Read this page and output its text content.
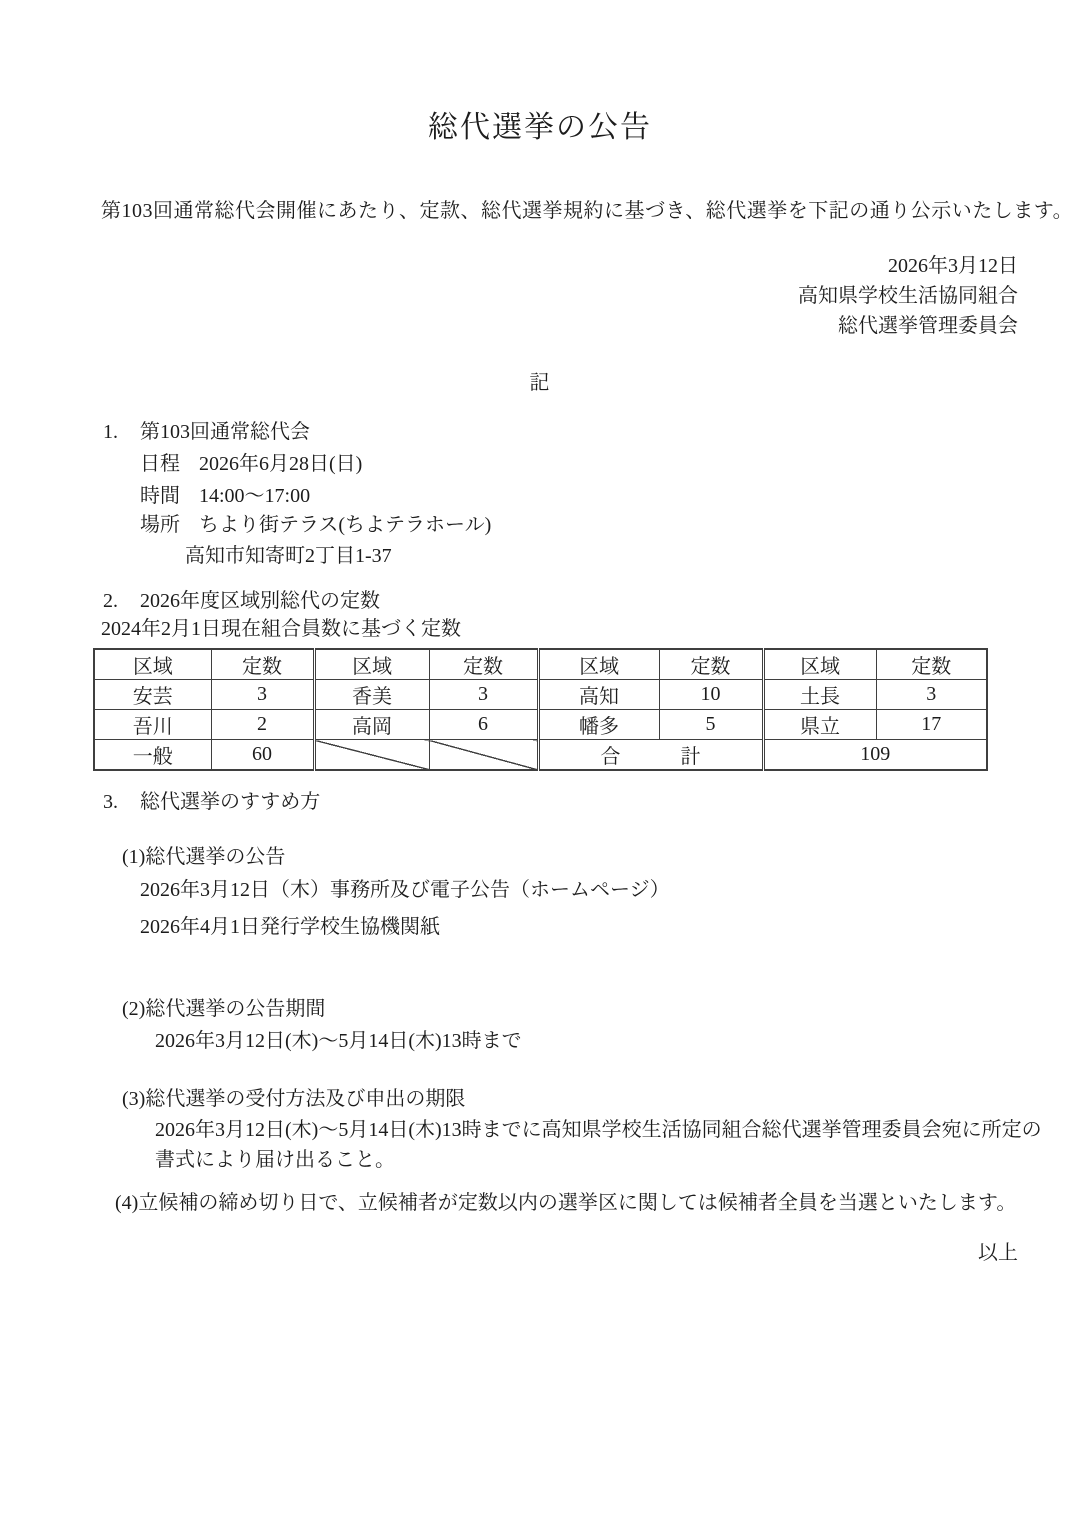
総代選挙の公告
第103回通常総代会開催にあたり、定款、総代選挙規約に基づき、総代選挙を下記の通り公示いたします。
2026年3月12日
高知県学校生活協同組合
総代選挙管理委員会
記
1.	第103回通常総代会
日程 2026年6月28日(日)
時間 14:00〜17:00
場所 ちより街テラス(ちよテラホール)
高知市知寄町2丁目1-37
2.	2026年度区域別総代の定数
2024年2月1日現在組合員数に基づく定数
区域	定数	区域	定数	区域	定数	区域	定数
安芸	3	香美	3	高知	10	土長	3
吾川	2	高岡	6	幡多	5	県立	17
一般	60			合　　　計		109	
3.	総代選挙のすすめ方
(1)総代選挙の公告
2026年3月12日（木）事務所及び電子公告（ホームページ）
2026年4月1日発行学校生協機関紙
(2)総代選挙の公告期間
2026年3月12日(木)〜5月14日(木)13時まで
(3)総代選挙の受付方法及び申出の期限
2026年3月12日(木)〜5月14日(木)13時までに高知県学校生活協同組合総代選挙管理委員会宛に所定の
書式により届け出ること。
(4)立候補の締め切り日で、立候補者が定数以内の選挙区に関しては候補者全員を当選といたします。
以上
